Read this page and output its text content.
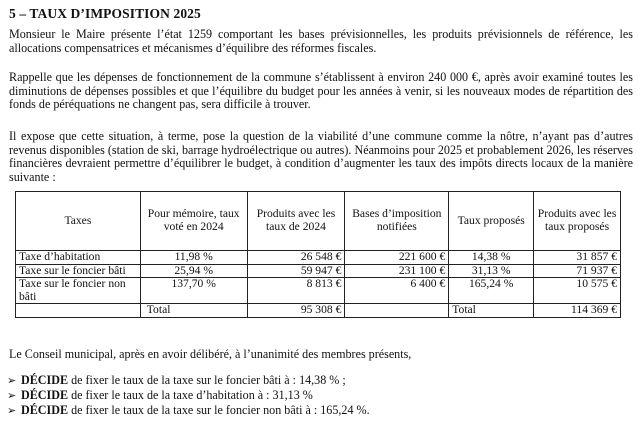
5 – TAUX D’IMPOSITION 2025

Monsieur le Maire présente l’état 1259 comportant les bases prévisionnelles, les produits prévisionnels de référence, les allocations compensatrices et mécanismes d’équilibre des réformes fiscales.

Rappelle que les dépenses de fonctionnement de la commune s’établissent à environ 240 000 €, après avoir examiné toutes les diminutions de dépenses possibles et que l’équilibre du budget pour les années à venir, si les nouveaux modes de répartition des fonds de péréquations ne changent pas, sera difficile à trouver.

Il expose que cette situation, à terme, pose la question de la viabilité d’une commune comme la nôtre, n’ayant pas d’autres revenus disponibles (station de ski, barrage hydroélectrique ou autres). Néanmoins pour 2025 et probablement 2026, les réserves financières devraient permettre d’équilibrer le budget, à condition d’augmenter les taux des impôts directs locaux de la manière suivante :

Taxes	Pour mémoire, taux voté en 2024	Produits avec les taux de 2024	Bases d’imposition notifiées	Taux proposés	Produits avec les taux proposés
Taxe d’habitation	11,98 %	26 548 €	221 600 €	14,38 %	31 857 €
Taxe sur le foncier bâti	25,94 %	59 947 €	231 100 €	31,13 %	71 937 €
Taxe sur le foncier non bâti	137,70 %	8 813 €	6 400 €	165,24 %	10 575 €
	Total	95 308 €		Total	114 369 €
Le Conseil municipal, après en avoir délibéré, à l’unanimité des membres présents,
➢ DÉCIDE de fixer le taux de la taxe sur le foncier bâti à : 14,38 % ;
➢ DÉCIDE de fixer le taux de la taxe d’habitation à : 31,13 %
➢ DÉCIDE de fixer le taux de la taxe sur le foncier non bâti à : 165,24 %.
